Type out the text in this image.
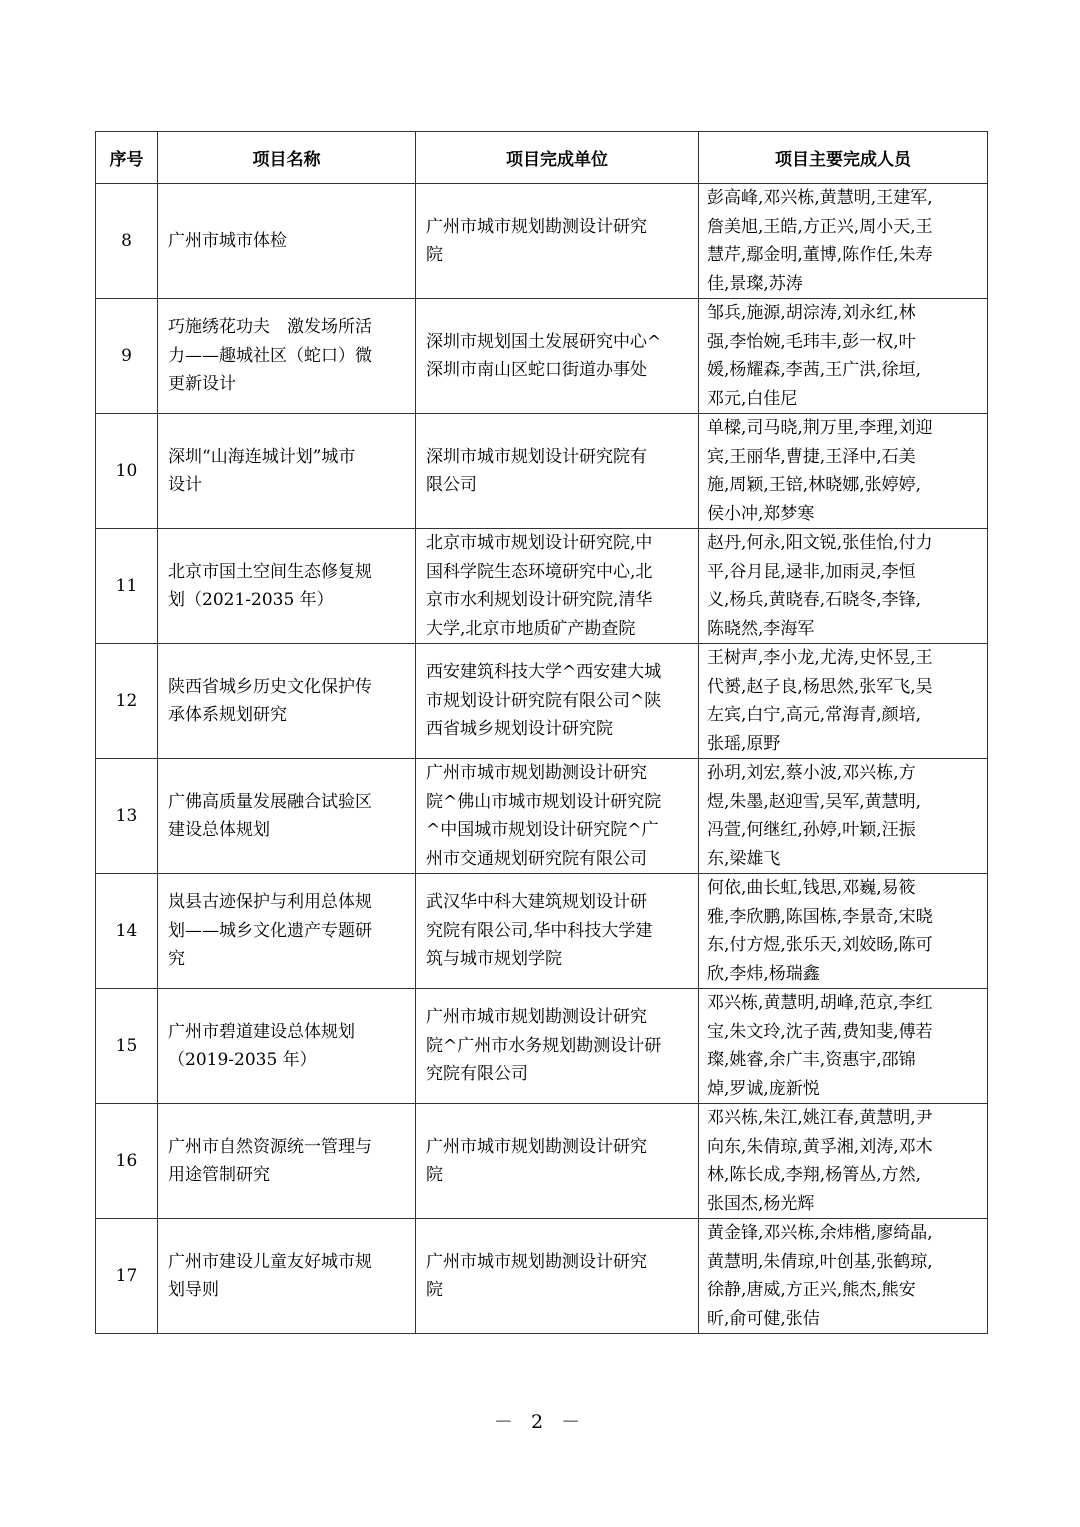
序号	项目名称	项目完成单位	项目主要完成人员

8	广州市城市体检	广州市城市规划勘测设计研究
院	彭高峰,邓兴栋,黄慧明,王建军,
詹美旭,王皓,方正兴,周小天,王
慧芹,鄢金明,董博,陈作任,朱寿
佳,景璨,苏涛

9	巧施绣花功夫　激发场所活
力——趣城社区（蛇口）微
更新设计	深圳市规划国土发展研究中心^
深圳市南山区蛇口街道办事处	邹兵,施源,胡淙涛,刘永红,林
强,李怡婉,毛玮丰,彭一权,叶
媛,杨耀森,李茜,王广洪,徐垣,
邓元,白佳尼

10	深圳“山海连城计划”城市
设计	深圳市城市规划设计研究院有
限公司	单樑,司马晓,荆万里,李理,刘迎
宾,王丽华,曹捷,王泽中,石美
施,周颖,王锫,林晓娜,张婷婷,
侯小冲,郑梦寒

11	北京市国土空间生态修复规
划（2021-2035 年）	北京市城市规划设计研究院,中
国科学院生态环境研究中心,北
京市水利规划设计研究院,清华
大学,北京市地质矿产勘查院	赵丹,何永,阳文锐,张佳怡,付力
平,谷月昆,逯非,加雨灵,李恒
义,杨兵,黄晓春,石晓冬,李锋,
陈晓然,李海军

12	陕西省城乡历史文化保护传
承体系规划研究	西安建筑科技大学^西安建大城
市规划设计研究院有限公司^陕
西省城乡规划设计研究院	王树声,李小龙,尤涛,史怀昱,王
代赟,赵子良,杨思然,张军飞,吴
左宾,白宁,高元,常海青,颜培,
张瑶,原野

13	广佛高质量发展融合试验区
建设总体规划	广州市城市规划勘测设计研究
院^佛山市城市规划设计研究院
^中国城市规划设计研究院^广
州市交通规划研究院有限公司	孙玥,刘宏,蔡小波,邓兴栋,方
煜,朱墨,赵迎雪,吴军,黄慧明,
冯萱,何继红,孙婷,叶颖,汪振
东,梁雄飞

14	岚县古迹保护与利用总体规
划——城乡文化遗产专题研
究	武汉华中科大建筑规划设计研
究院有限公司,华中科技大学建
筑与城市规划学院	何依,曲长虹,钱思,邓巍,易筱
雅,李欣鹏,陈国栋,李景奇,宋晓
东,付方煜,张乐天,刘姣旸,陈可
欣,李炜,杨瑞鑫

15	广州市碧道建设总体规划
（2019-2035 年）	广州市城市规划勘测设计研究
院^广州市水务规划勘测设计研
究院有限公司	邓兴栋,黄慧明,胡峰,范京,李红
宝,朱文玲,沈子茜,费知斐,傅若
璨,姚睿,余广丰,资惠宇,邵锦
焯,罗诚,庞新悦

16	广州市自然资源统一管理与
用途管制研究	广州市城市规划勘测设计研究
院	邓兴栋,朱江,姚江春,黄慧明,尹
向东,朱倩琼,黄孚湘,刘涛,邓木
林,陈长成,李翔,杨箐丛,方然,
张国杰,杨光辉

17	广州市建设儿童友好城市规
划导则	广州市城市规划勘测设计研究
院	黄金锋,邓兴栋,余炜楷,廖绮晶,
黄慧明,朱倩琼,叶创基,张鹤琼,
徐静,唐威,方正兴,熊杰,熊安
昕,俞可健,张佶
－ 2 －
